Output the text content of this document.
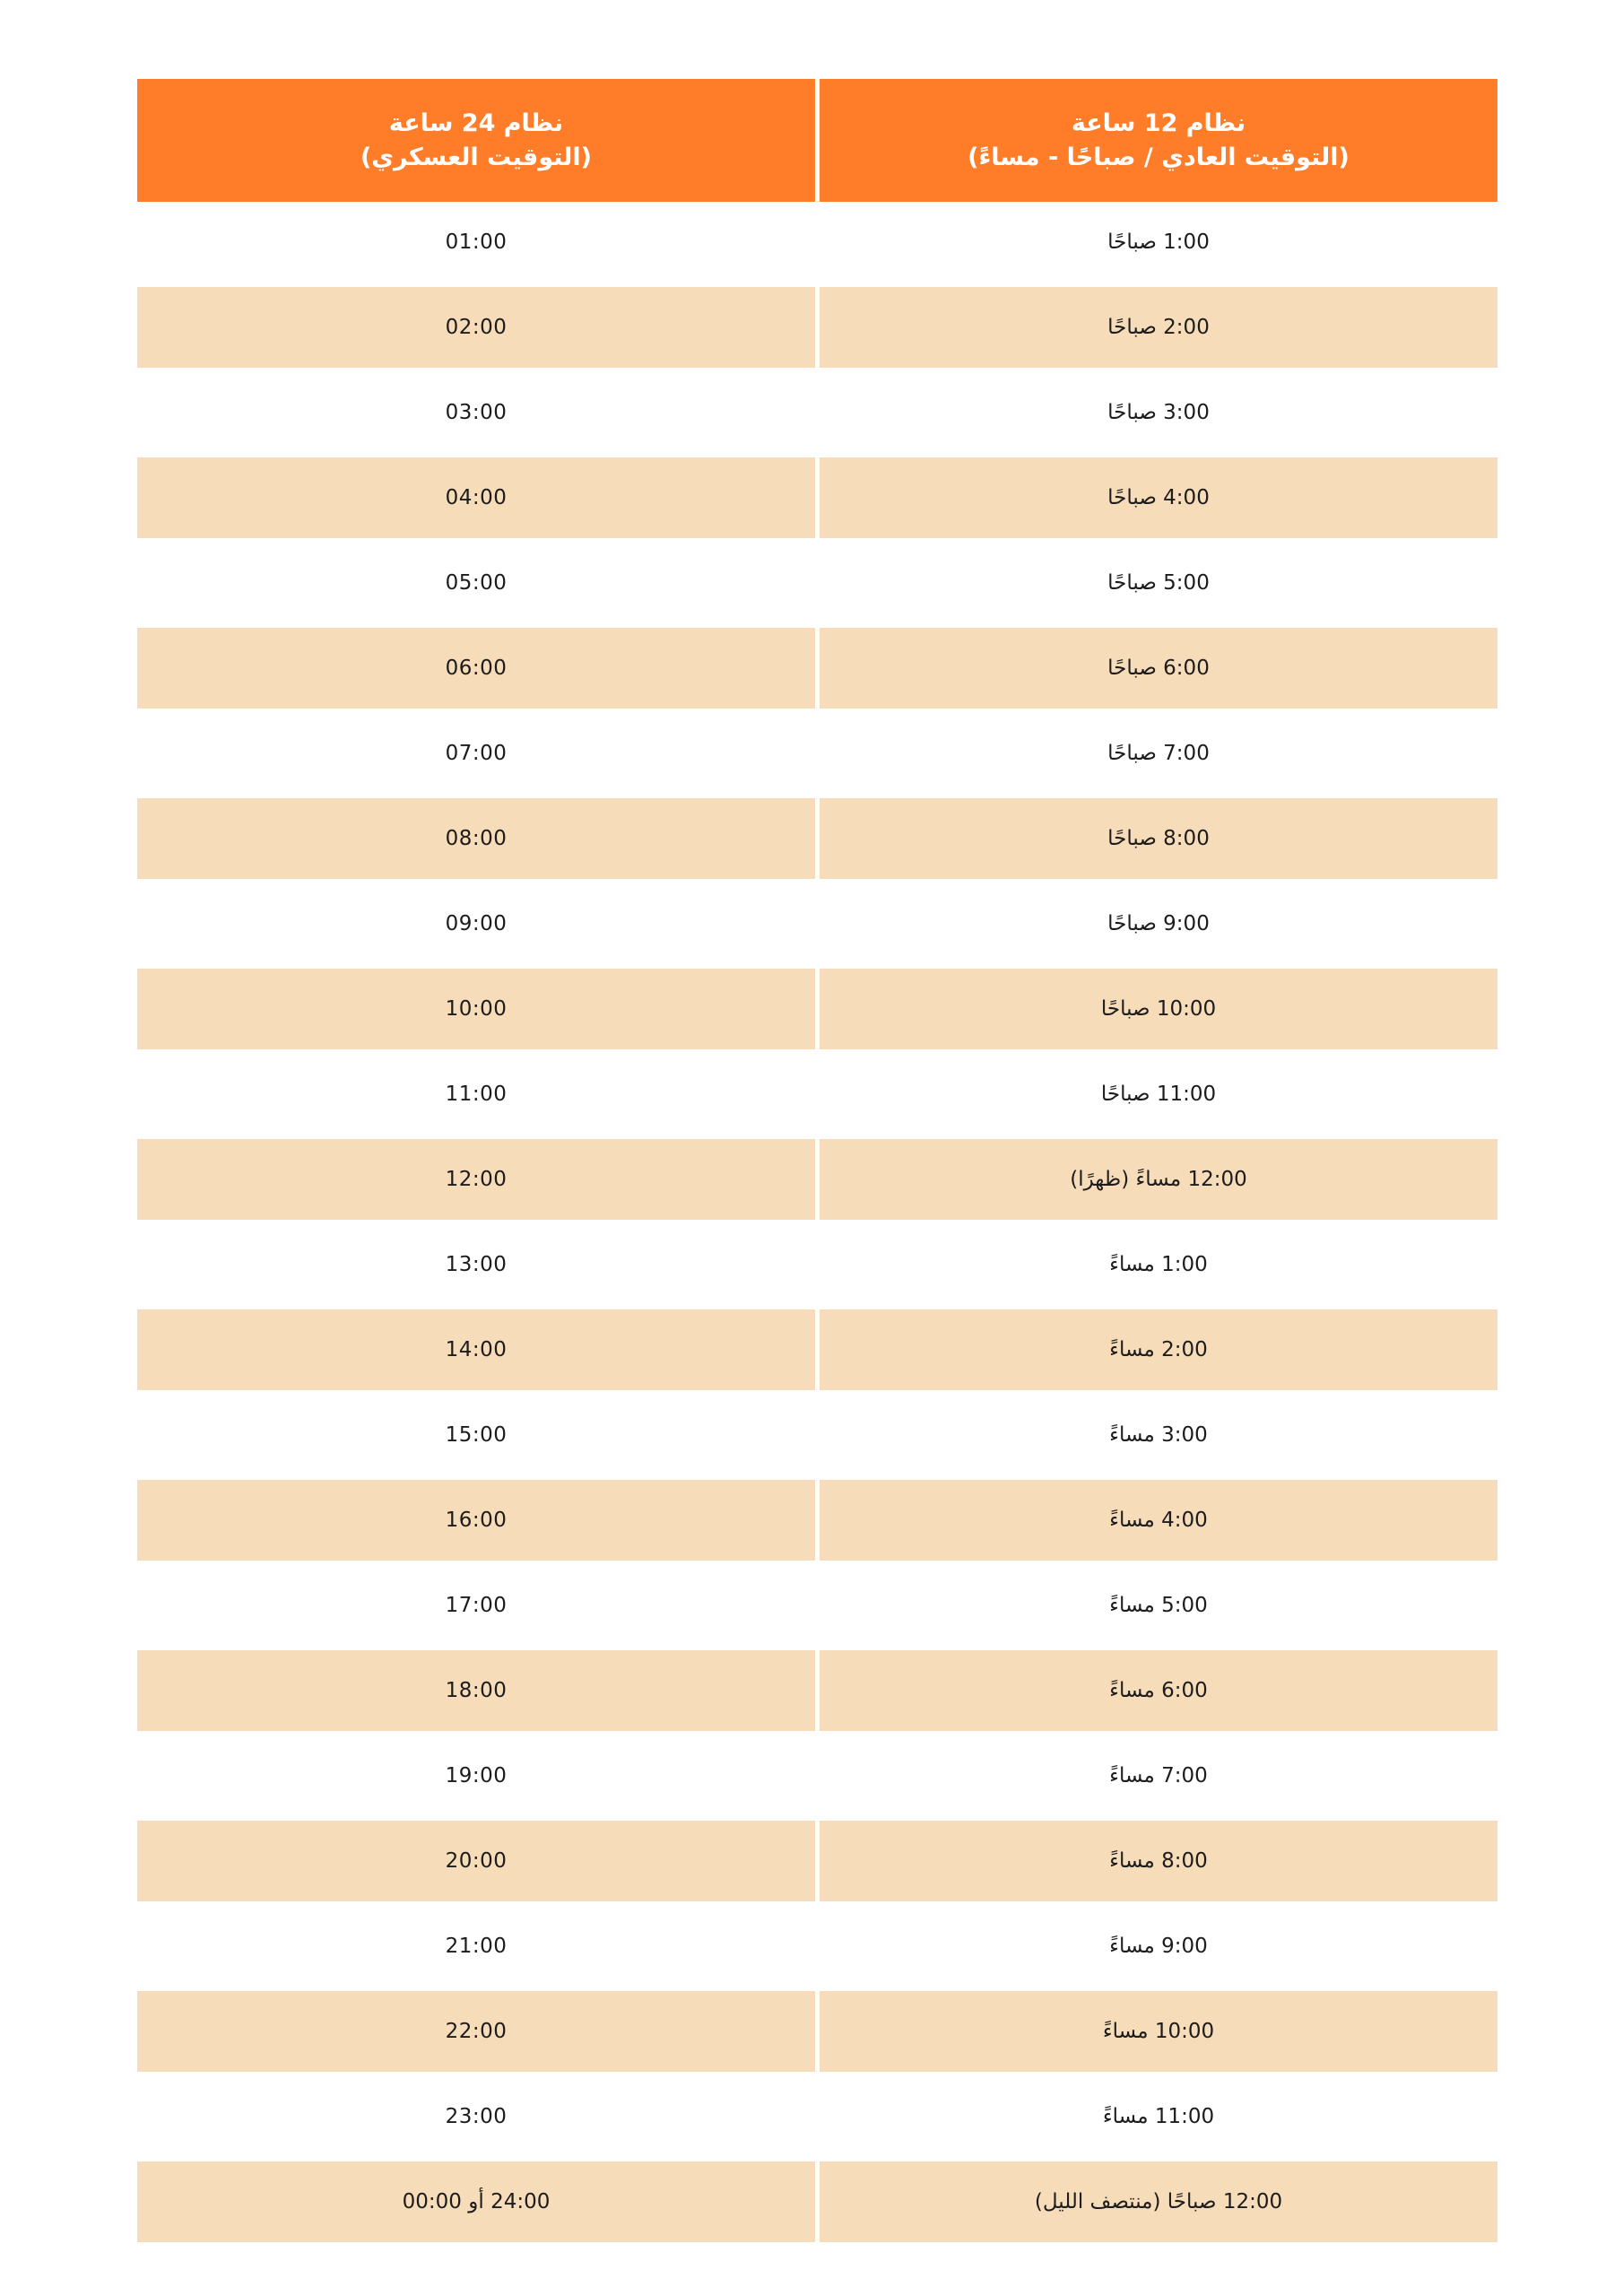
نظام 12 ساعة
(التوقيت العادي / صباحًا - مساءً)
نظام 24 ساعة
(التوقيت العسكري)
1:00 صباحًا
01:00
2:00 صباحًا
02:00
3:00 صباحًا
03:00
4:00 صباحًا
04:00
5:00 صباحًا
05:00
6:00 صباحًا
06:00
7:00 صباحًا
07:00
8:00 صباحًا
08:00
9:00 صباحًا
09:00
10:00 صباحًا
10:00
11:00 صباحًا
11:00
12:00 مساءً (ظهرًا)
12:00
1:00 مساءً
13:00
2:00 مساءً
14:00
3:00 مساءً
15:00
4:00 مساءً
16:00
5:00 مساءً
17:00
6:00 مساءً
18:00
7:00 مساءً
19:00
8:00 مساءً
20:00
9:00 مساءً
21:00
10:00 مساءً
22:00
11:00 مساءً
23:00
12:00 صباحًا (منتصف الليل)
24:00 أو 00:00
